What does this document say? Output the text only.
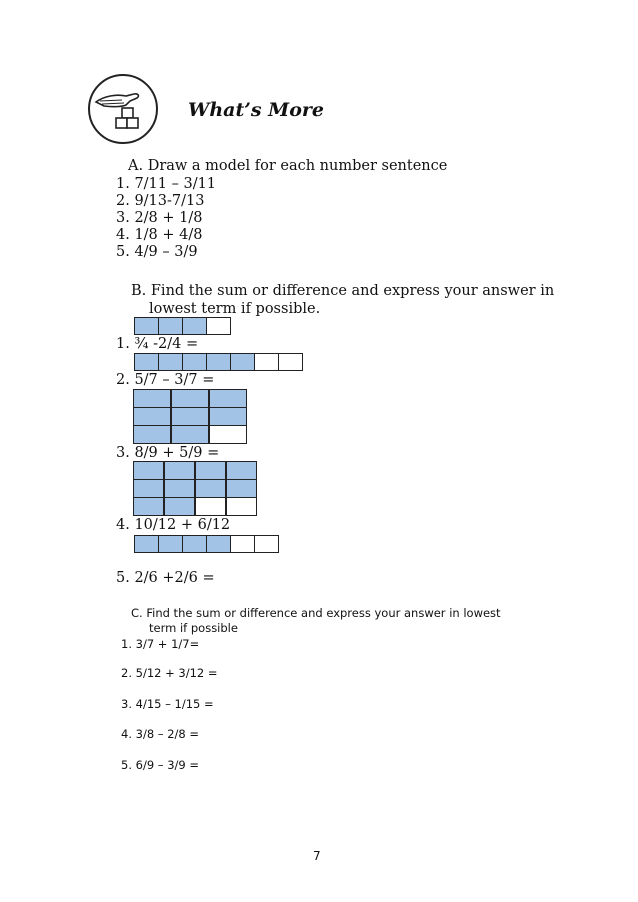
What’s More
A. Draw a model for each number sentence
1. 7/11 – 3/11
2. 9/13-7/13
3. 2/8 + 1/8
4. 1/8 + 4/8
5. 4/9 – 3/9
B. Find the sum or difference and express your answer in
lowest term if possible.
1. ¾ -2/4 =
2. 5/7 – 3/7 =
3. 8/9 + 5/9 =
4. 10/12 + 6/12
5. 2/6 +2/6 =
C. Find the sum or difference and express your answer in lowest
term if possible
1. 3/7 + 1/7=
2. 5/12 + 3/12 =
3. 4/15 – 1/15 =
4. 3/8 – 2/8 =
5. 6/9 – 3/9 =
7
